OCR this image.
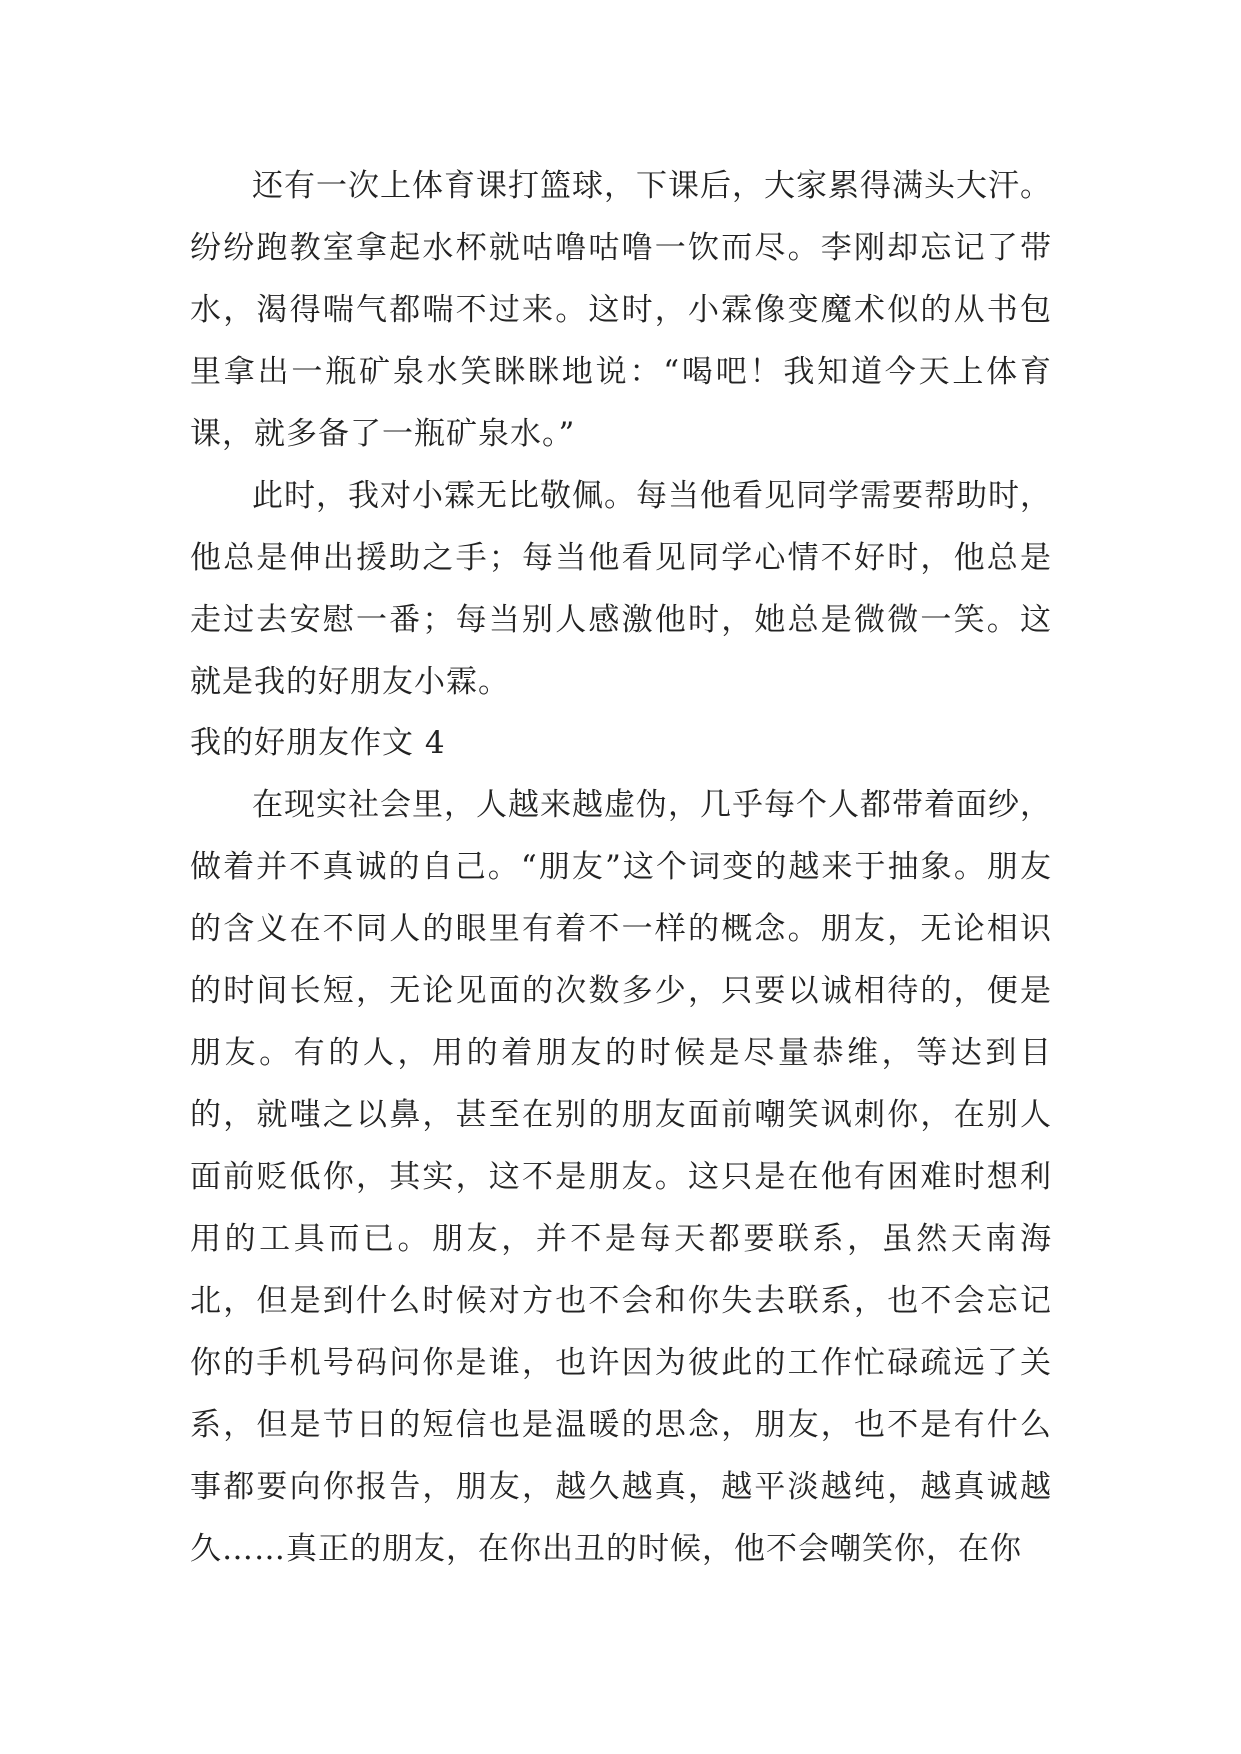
还有一次上体育课打篮球，下课后，大家累得满头大汗。纷纷跑教室拿起水杯就咕噜咕噜一饮而尽。李刚却忘记了带水，渴得喘气都喘不过来。这时，小霖像变魔术似的从书包里拿出一瓶矿泉水笑眯眯地说：“喝吧！我知道今天上体育课，就多备了一瓶矿泉水。”

此时，我对小霖无比敬佩。每当他看见同学需要帮助时，他总是伸出援助之手；每当他看见同学心情不好时，他总是走过去安慰一番；每当别人感激他时，她总是微微一笑。这就是我的好朋友小霖。

我的好朋友作文 4

在现实社会里，人越来越虚伪，几乎每个人都带着面纱，做着并不真诚的自己。“朋友”这个词变的越来于抽象。朋友的含义在不同人的眼里有着不一样的概念。朋友，无论相识的时间长短，无论见面的次数多少，只要以诚相待的，便是朋友。有的人，用的着朋友的时候是尽量恭维，等达到目的，就嗤之以鼻，甚至在别的朋友面前嘲笑讽刺你，在别人面前贬低你，其实，这不是朋友。这只是在他有困难时想利用的工具而已。朋友，并不是每天都要联系，虽然天南海北，但是到什么时候对方也不会和你失去联系，也不会忘记你的手机号码问你是谁，也许因为彼此的工作忙碌疏远了关系，但是节日的短信也是温暖的思念，朋友，也不是有什么事都要向你报告，朋友，越久越真，越平淡越纯，越真诚越久……真正的朋友，在你出丑的时候，他不会嘲笑你，在你
